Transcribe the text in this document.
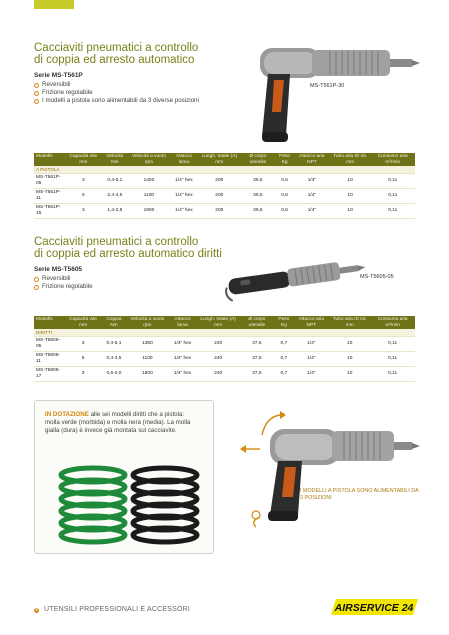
Cacciaviti pneumatici a controllo
di coppia ed arresto automatico
Serie MS-T561P
Reversibili
Frizione regolabile
I modelli a pistola sono alimentabili da 3 diverse posizioni
MS-T561P-30
Modello	Capacità vite mm	Velocità Nm	Velocità a vuoto rpm	Attacco lama	Lungh. totale (A) mm	Ø corpo utensile	Peso Kg	Attacco aria NPT	Tubo aria ID int. mm	Consumo aria m³/min
A PISTOLA										
MS-T561P-05	3	0,4-5,1	1400	1/4" hex	200	39,5	0,6	1/4"	10	0,11
MS-T561P-11	5	2,4-4,5	1100	1/4" hex	200	39,5	0,6	1/4"	10	0,11
MS-T561P-15	3	1,4-2,8	1900	1/4" hex	200	39,5	0,6	1/4"	10	0,11
Cacciaviti pneumatici a controllo
di coppia ed arresto automatico diritti
Serie MS-T5605
Reversibili
Frizione regolabile
MS-T5605-05
Modello	Capacità vite mm	Coppia Nm	Velocità a vuoto rpm	Attacco lama	Lungh. totale (A) mm	Ø corpo utensile	Peso Kg	Attacco aria NPT	Tubo aria ID int. mm	Consumo aria m³/min
DIRITTI										
MS-T5605-05	3	0,4-5,1	1350	1/4" hex	240	37,5	0,7	1/4"	10	0,11
MS-T5605-11	5	0,4-4,5	1100	1/4" hex	240	37,5	0,7	1/4"	10	0,11
MS-T5605-17	3	0,5-2,0	1800	1/4" hex	240	37,5	0,7	1/4"	10	0,11

IN DOTAZIONE alle sei modelli diritti che a pistola: molla verde (morbida) e molla nera (media). La molla gialla (dura) è invece già montata sul cacciavite.

I MODELLI A PISTOLA SONO ALIMENTABILI DA 3 POSIZIONI
8 UTENSILI PROFESSIONALI E ACCESSORI	AIRSERVICE 24
